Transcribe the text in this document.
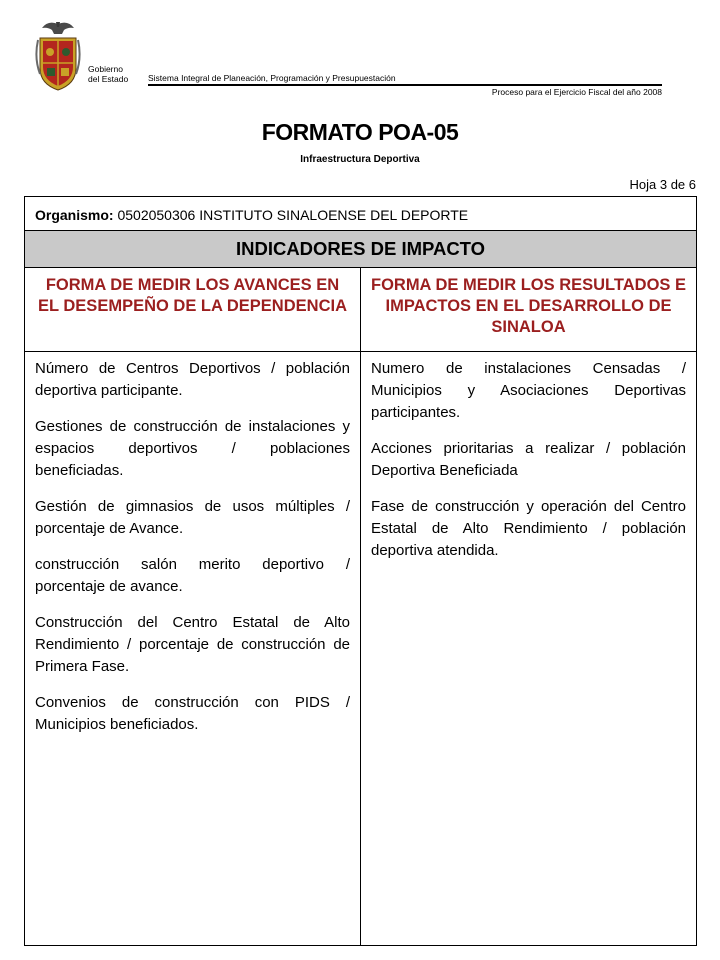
Gobierno
del Estado Sistema Integral de Planeación, Programación y Presupuestación
Proceso para el Ejercicio Fiscal del año 2008
FORMATO POA-05
Infraestructura Deportiva
Hoja 3 de 6
Organismo: 0502050306 INSTITUTO SINALOENSE DEL DEPORTE
INDICADORES DE IMPACTO
FORMA DE MEDIR LOS AVANCES EN EL DESEMPEÑO DE LA DEPENDENCIA
FORMA DE MEDIR LOS RESULTADOS E IMPACTOS EN EL DESARROLLO DE SINALOA

Número de Centros Deportivos / población deportiva participante.

Gestiones de construcción de instalaciones y espacios deportivos / poblaciones beneficiadas.

Gestión de gimnasios de usos múltiples / porcentaje de Avance.

construcción salón merito deportivo / porcentaje de avance.

Construcción del Centro Estatal de Alto Rendimiento / porcentaje de construcción de Primera Fase.

Convenios de construcción con PIDS / Municipios beneficiados.

Numero de instalaciones Censadas / Municipios y Asociaciones Deportivas participantes.

Acciones prioritarias a realizar / población Deportiva Beneficiada

Fase de construcción y operación del Centro Estatal de Alto Rendimiento / población deportiva atendida.
